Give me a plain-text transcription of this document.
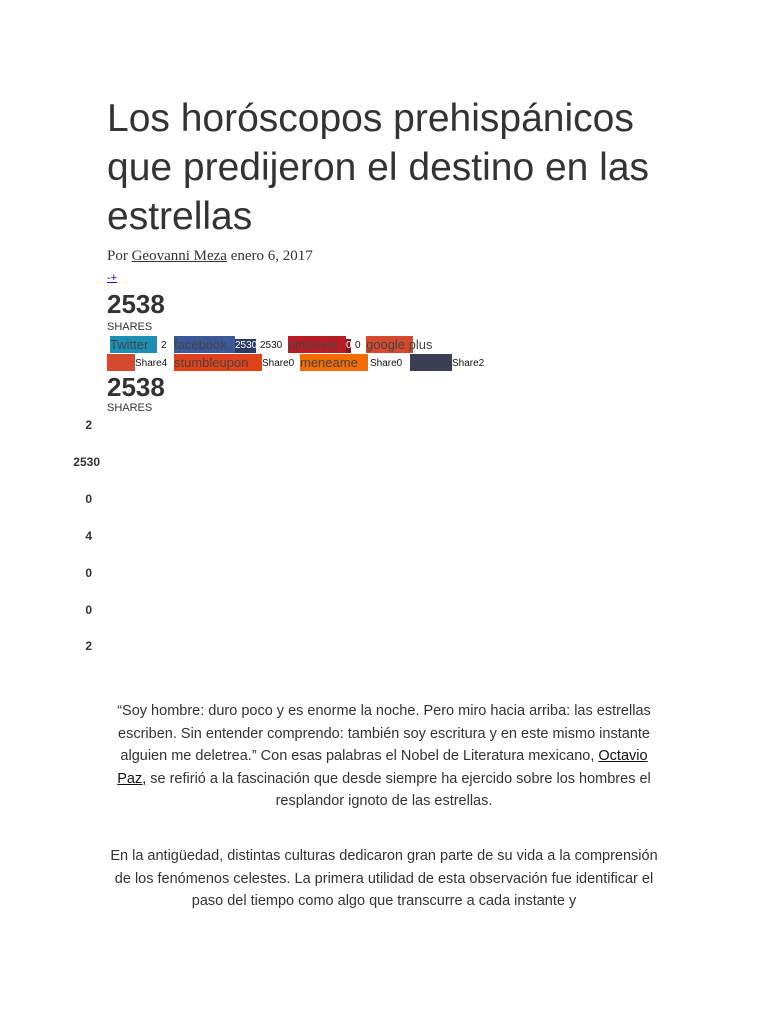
Los horóscopos prehispánicos que predijeron el destino en las estrellas
Por Geovanni Meza enero 6, 2017
-+
2538
SHARES
Twitter	2 facebook 2530 2530 pinterest 0 0 google plus
Share4 stumbleupon	Share0 meneame	Share0	Share2
2538
SHARES
2
2530
0
4
0
0
2

“Soy hombre: duro poco y es enorme la noche. Pero miro hacia arriba: las estrellas escriben. Sin entender comprendo: también soy escritura y en este mismo instante alguien me deletrea.” Con esas palabras el Nobel de Literatura mexicano, Octavio Paz, se refirió a la fascinación que desde siempre ha ejercido sobre los hombres el resplandor ignoto de las estrellas.

En la antigüedad, distintas culturas dedicaron gran parte de su vida a la comprensión de los fenómenos celestes. La primera utilidad de esta observación fue identificar el paso del tiempo como algo que transcurre a cada instante y
